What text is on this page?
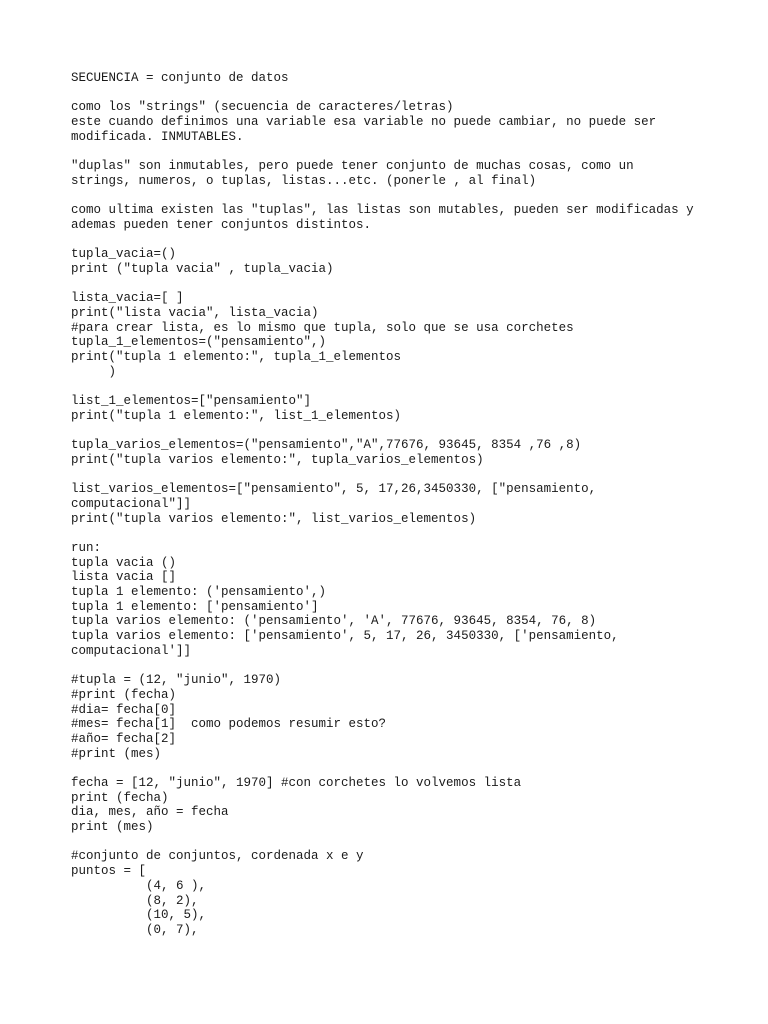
SECUENCIA = conjunto de datos
como los "strings" (secuencia de caracteres/letras)
este cuando definimos una variable esa variable no puede cambiar, no puede ser
modificada. INMUTABLES.
"duplas" son inmutables, pero puede tener conjunto de muchas cosas, como un
strings, numeros, o tuplas, listas...etc. (ponerle , al final)
como ultima existen las "tuplas", las listas son mutables, pueden ser modificadas y
ademas pueden tener conjuntos distintos.
tupla_vacia=()
print ("tupla vacia" , tupla_vacia)
lista_vacia=[ ]
print("lista vacia", lista_vacia)
#para crear lista, es lo mismo que tupla, solo que se usa corchetes
tupla_1_elementos=("pensamiento",)
print("tupla 1 elemento:", tupla_1_elementos
)
list_1_elementos=["pensamiento"]
print("tupla 1 elemento:", list_1_elementos)
tupla_varios_elementos=("pensamiento","A",77676, 93645, 8354 ,76 ,8)
print("tupla varios elemento:", tupla_varios_elementos)
list_varios_elementos=["pensamiento", 5, 17,26,3450330, ["pensamiento,
computacional"]]
print("tupla varios elemento:", list_varios_elementos)
run:
tupla vacia ()
lista vacia []
tupla 1 elemento: ('pensamiento',)
tupla 1 elemento: ['pensamiento']
tupla varios elemento: ('pensamiento', 'A', 77676, 93645, 8354, 76, 8)
tupla varios elemento: ['pensamiento', 5, 17, 26, 3450330, ['pensamiento,
computacional']]
#tupla = (12, "junio", 1970)
#print (fecha)
#dia= fecha[0]
#mes= fecha[1]  como podemos resumir esto?
#año= fecha[2]
#print (mes)
fecha = [12, "junio", 1970] #con corchetes lo volvemos lista
print (fecha)
dia, mes, año = fecha
print (mes)
#conjunto de conjuntos, cordenada x e y
puntos = [
(4, 6 ),
(8, 2),
(10, 5),
(0, 7),
